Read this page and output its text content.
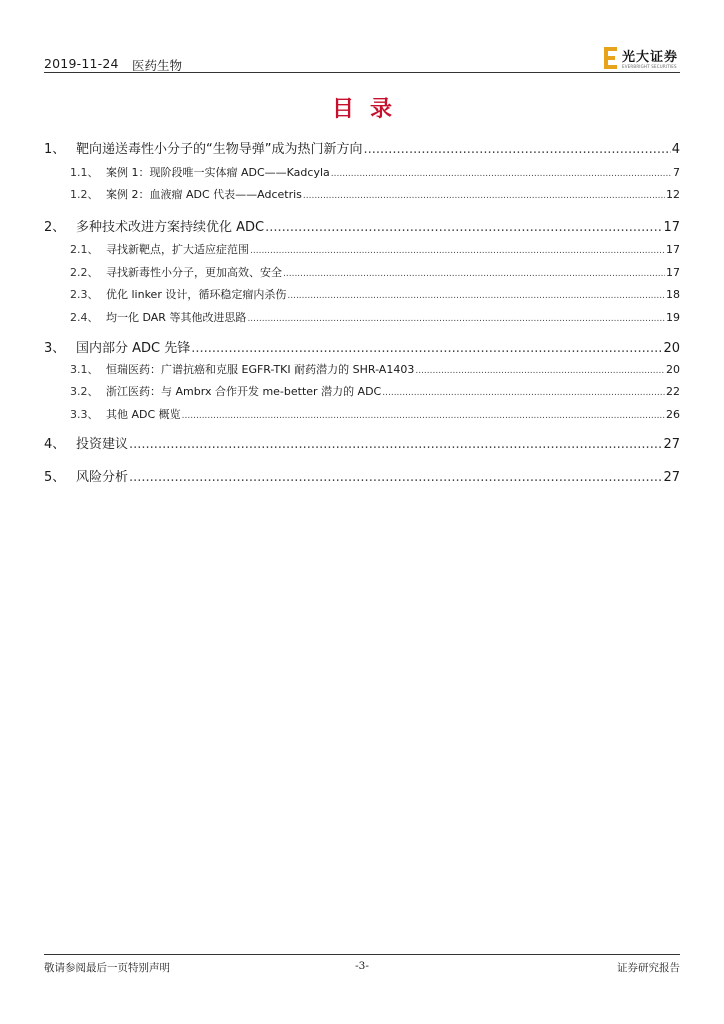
2019-11-24 医药生物
光大证券
EVERBRIGHT SECURITIES
目录
1、 靶向递送毒性小分子的“生物导弹”成为热门新方向 .....	4
1.1、 案例 1：现阶段唯一实体瘤 ADC——Kadcyla .....	7
1.2、 案例 2：血液瘤 ADC 代表——Adcetris .....	12
2、 多种技术改进方案持续优化 ADC .....	17
2.1、 寻找新靶点，扩大适应症范围 .....	17
2.2、 寻找新毒性小分子，更加高效、安全 .....	17
2.3、 优化 linker 设计，循环稳定瘤内杀伤 .....	18
2.4、 均一化 DAR 等其他改进思路 .....	19
3、 国内部分 ADC 先锋 .....	20
3.1、 恒瑞医药：广谱抗癌和克服 EGFR-TKI 耐药潜力的 SHR-A1403 .....	20
3.2、 浙江医药：与 Ambrx 合作开发 me-better 潜力的 ADC .....	22
3.3、 其他 ADC 概览 .....	26
4、 投资建议 .....	27
5、 风险分析 .....	27
敬请参阅最后一页特别声明	-3-	证券研究报告
